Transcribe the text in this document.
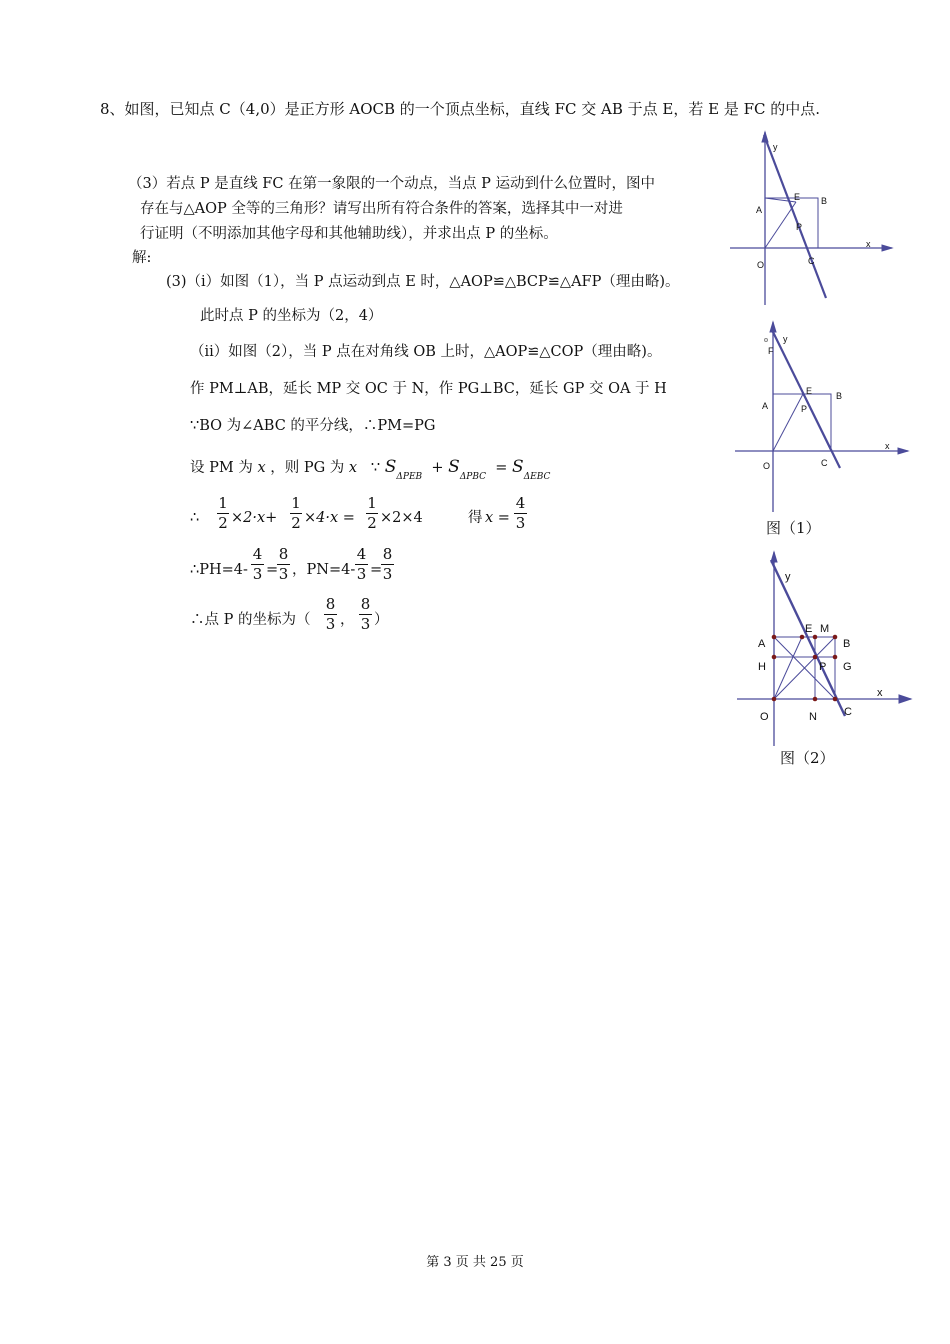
8、如图，已知点 C（4,0）是正方形 AOCB 的一个顶点坐标，直线 FC 交 AB 于点 E，若 E 是 FC 的中点.
（3）若点 P 是直线 FC 在第一象限的一个动点，当点 P 运动到什么位置时，图中
存在与△AOP 全等的三角形？请写出所有符合条件的答案，选择其中一对进
行证明（不明添加其他字母和其他辅助线），并求出点 P 的坐标。
解:
(3)（ⅰ）如图（1），当 P 点运动到点 E 时，△AOP≌△BCP≌△AFP（理由略)。
此时点 P 的坐标为（2，4）
（ⅱ）如图（2），当 P 点在对角线 OB 上时，△AOP≌△COP（理由略)。
作 PM⊥AB，延长 MP 交 OC 于 N，作 PG⊥BC，延长 GP 交 OA 于 H
∵BO 为∠ABC 的平分线，∴PM=PG
设 PM 为 x ，则 PG 为 x ∵ $S_{\Delta PEB} + S_{\Delta PBC} = S_{\Delta EBC}$
∴
1
2 ×2·x+
1
2 ×4·x =
1
2 ×2×4	得 x =
4
3
∴PH=4-
4
3 =
8
3 ，PN=4-
4
3 =
8
3
∴点 P 的坐标为（
8
3 ，
8
3 ）
y
x
E B
A
P
O	C
y
x
F
E	B
A	P
O	C
图（1）
y
x
E M
B
A
H	P G
O	N C
图（2）
第 3 页 共 25 页
